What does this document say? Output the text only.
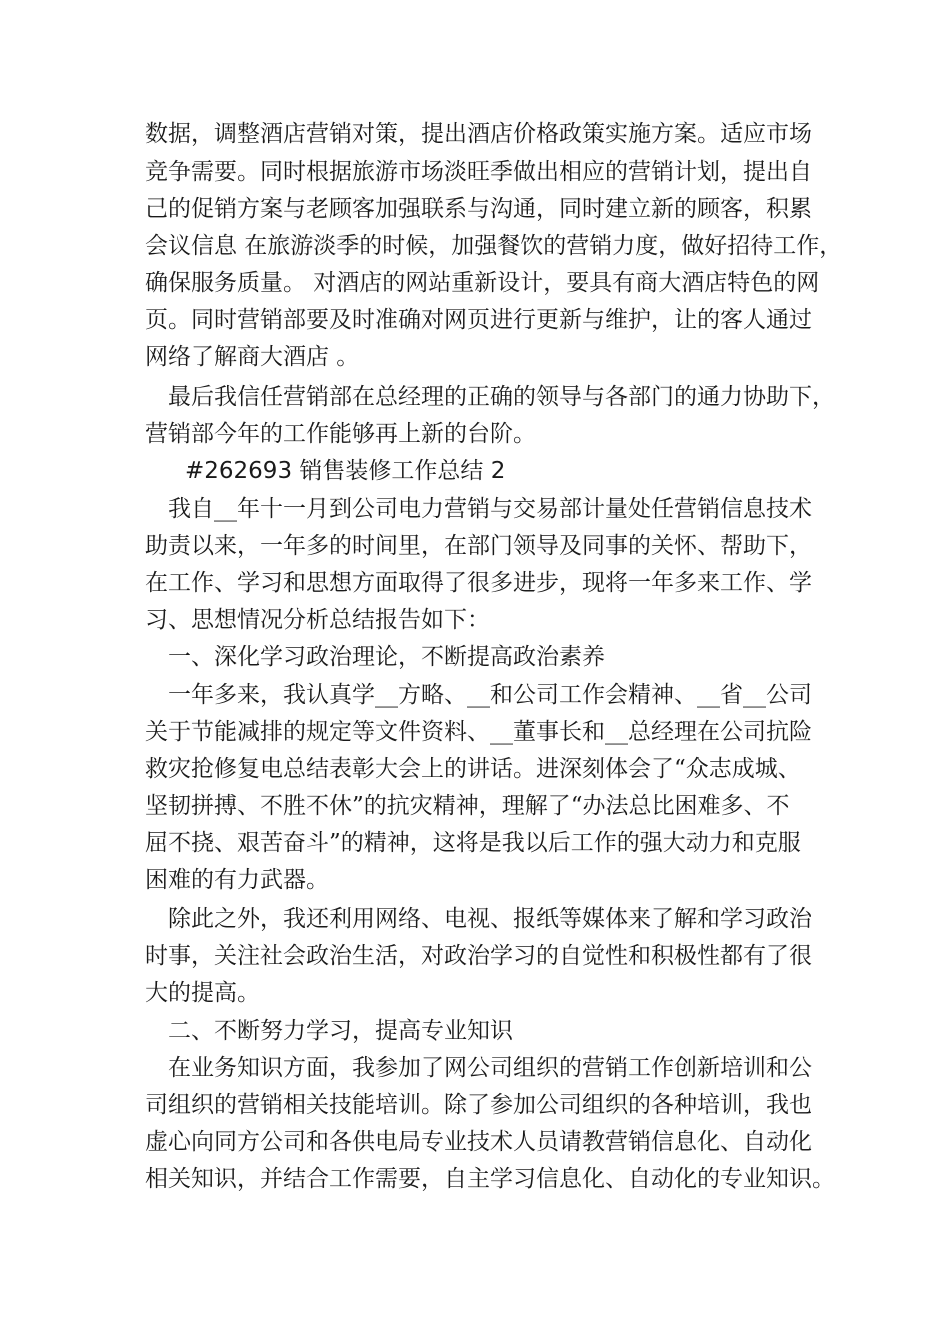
数据，调整酒店营销对策，提出酒店价格政策实施方案。适应市场
竞争需要。同时根据旅游市场淡旺季做出相应的营销计划，提出自
己的促销方案与老顾客加强联系与沟通，同时建立新的顾客，积累
会议信息 在旅游淡季的时候，加强餐饮的营销力度，做好招待工作，
确保服务质量。 对酒店的网站重新设计，要具有商大酒店特色的网
页。同时营销部要及时准确对网页进行更新与维护，让的客人通过
网络了解商大酒店 。
最后我信任营销部在总经理的正确的领导与各部门的通力协助下，
营销部今年的工作能够再上新的台阶。
#262693 销售装修工作总结 2
我自__年十一月到公司电力营销与交易部计量处任营销信息技术
助责以来，一年多的时间里，在部门领导及同事的关怀、帮助下，
在工作、学习和思想方面取得了很多进步，现将一年多来工作、学
习、思想情况分析总结报告如下：
一、深化学习政治理论，不断提高政治素养
一年多来，我认真学__方略、__和公司工作会精神、__省__公司
关于节能减排的规定等文件资料、__董事长和__总经理在公司抗险
救灾抢修复电总结表彰大会上的讲话。进深刻体会了“众志成城、
坚韧拼搏、不胜不休”的抗灾精神，理解了“办法总比困难多、不
屈不挠、艰苦奋斗”的精神，这将是我以后工作的强大动力和克服
困难的有力武器。
除此之外，我还利用网络、电视、报纸等媒体来了解和学习政治
时事，关注社会政治生活，对政治学习的自觉性和积极性都有了很
大的提高。
二、不断努力学习，提高专业知识
在业务知识方面，我参加了网公司组织的营销工作创新培训和公
司组织的营销相关技能培训。除了参加公司组织的各种培训，我也
虚心向同方公司和各供电局专业技术人员请教营销信息化、自动化
相关知识，并结合工作需要，自主学习信息化、自动化的专业知识。
